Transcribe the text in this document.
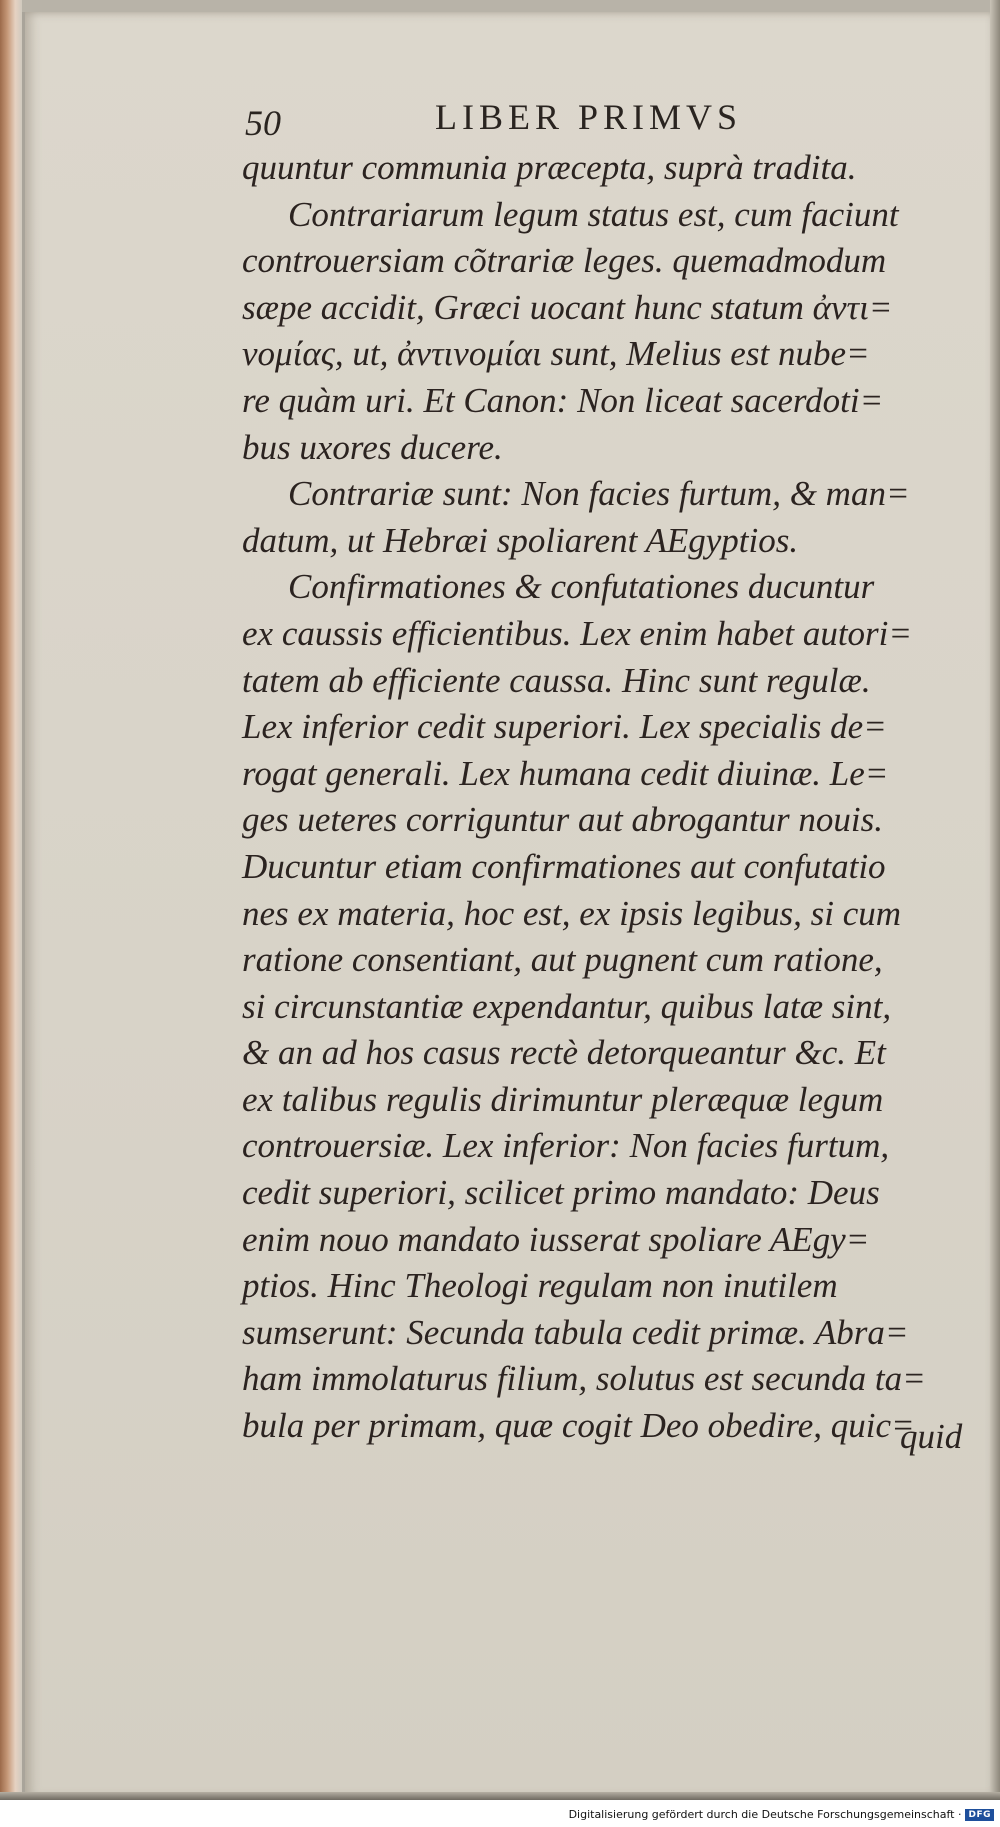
50	LIBER PRIMVS
quuntur communia præcepta, suprà tradita.
Contrariarum legum status est, cum faciunt
controuersiam cõtrariæ leges. quemadmodum
sæpe accidit, Græci uocant hunc statum ἀντι=
νομίας, ut, ἀντινομίαι sunt, Melius est nube=
re quàm uri. Et Canon: Non liceat sacerdoti=
bus uxores ducere.
Contrariæ sunt: Non facies furtum, & man=
datum, ut Hebræi spoliarent AEgyptios.
Confirmationes & confutationes ducuntur
ex caussis efficientibus. Lex enim habet autori=
tatem ab efficiente caussa. Hinc sunt regulæ.
Lex inferior cedit superiori. Lex specialis de=
rogat generali. Lex humana cedit diuinæ. Le=
ges ueteres corriguntur aut abrogantur nouis.
Ducuntur etiam confirmationes aut confutatio
nes ex materia, hoc est, ex ipsis legibus, si cum
ratione consentiant, aut pugnent cum ratione,
si circunstantiæ expendantur, quibus latæ sint,
& an ad hos casus rectè detorqueantur &c. Et
ex talibus regulis dirimuntur pleræquæ legum
controuersiæ. Lex inferior: Non facies furtum,
cedit superiori, scilicet primo mandato: Deus
enim nouo mandato iusserat spoliare AEgy=
ptios. Hinc Theologi regulam non inutilem
sumserunt: Secunda tabula cedit primæ. Abra=
ham immolaturus filium, solutus est secunda ta=
bula per primam, quæ cogit Deo obedire, quic=
quid
Digitalisierung gefördert durch die Deutsche Forschungsgemeinschaft · DFG
